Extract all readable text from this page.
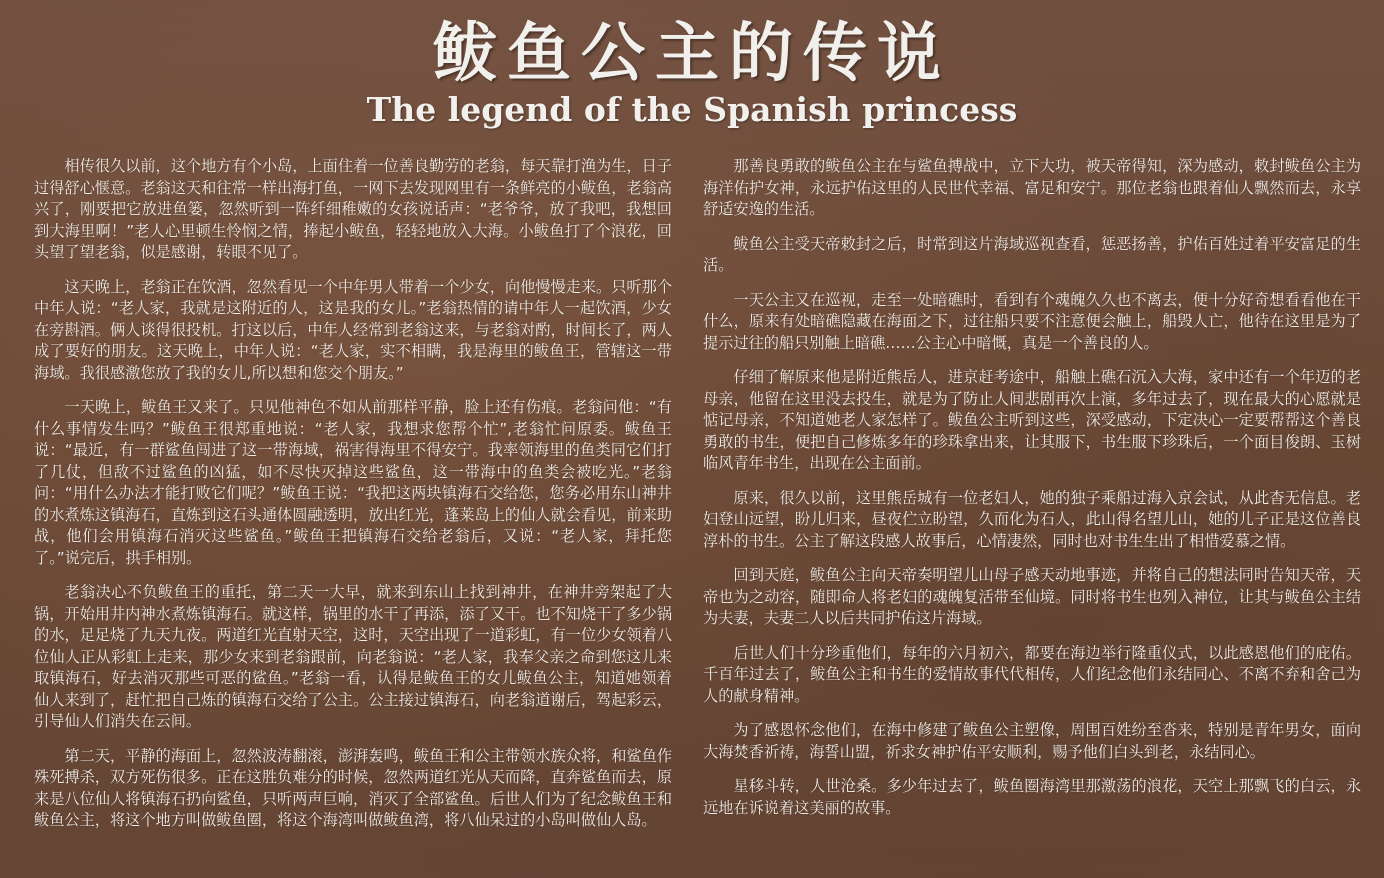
鲅鱼公主的传说
The legend of the Spanish princess

相传很久以前，这个地方有个小岛，上面住着一位善良勤劳的老翁，每天靠打渔为生，日子过得舒心惬意。老翁这天和往常一样出海打鱼，一网下去发现网里有一条鲜亮的小鲅鱼，老翁高兴了，刚要把它放进鱼篓，忽然听到一阵纤细稚嫩的女孩说话声：“老爷爷，放了我吧，我想回到大海里啊！”老人心里顿生怜悯之情，捧起小鲅鱼，轻轻地放入大海。小鲅鱼打了个浪花，回头望了望老翁，似是感谢，转眼不见了。

这天晚上，老翁正在饮酒，忽然看见一个中年男人带着一个少女，向他慢慢走来。只听那个中年人说：“老人家，我就是这附近的人，这是我的女儿。”老翁热情的请中年人一起饮酒，少女在旁斟酒。俩人谈得很投机。打这以后，中年人经常到老翁这来，与老翁对酌，时间长了，两人成了要好的朋友。这天晚上，中年人说：“老人家，实不相瞒，我是海里的鲅鱼王，管辖这一带海域。我很感激您放了我的女儿,所以想和您交个朋友。”

一天晚上，鲅鱼王又来了。只见他神色不如从前那样平静，脸上还有伤痕。老翁问他：“有什么事情发生吗？”鲅鱼王很郑重地说：“老人家，我想求您帮个忙”,老翁忙问原委。鲅鱼王说：“最近，有一群鲨鱼闯进了这一带海域，祸害得海里不得安宁。我率领海里的鱼类同它们打了几仗，但敌不过鲨鱼的凶猛，如不尽快灭掉这些鲨鱼，这一带海中的鱼类会被吃光。”老翁问：“用什么办法才能打败它们呢？”鲅鱼王说：“我把这两块镇海石交给您，您务必用东山神井的水煮炼这镇海石，直炼到这石头通体圆融透明，放出红光，蓬莱岛上的仙人就会看见，前来助战，他们会用镇海石消灭这些鲨鱼。”鲅鱼王把镇海石交给老翁后，又说：“老人家，拜托您了。”说完后，拱手相别。

老翁决心不负鲅鱼王的重托，第二天一大早，就来到东山上找到神井，在神井旁架起了大锅，开始用井内神水煮炼镇海石。就这样，锅里的水干了再添，添了又干。也不知烧干了多少锅的水，足足烧了九天九夜。两道红光直射天空，这时，天空出现了一道彩虹，有一位少女领着八位仙人正从彩虹上走来，那少女来到老翁跟前，向老翁说：“老人家，我奉父亲之命到您这儿来取镇海石，好去消灭那些可恶的鲨鱼。”老翁一看，认得是鲅鱼王的女儿鲅鱼公主，知道她领着仙人来到了，赶忙把自己炼的镇海石交给了公主。公主接过镇海石，向老翁道谢后，驾起彩云，引导仙人们消失在云间。

第二天，平静的海面上，忽然波涛翻滚，澎湃轰鸣，鲅鱼王和公主带领水族众将，和鲨鱼作殊死搏杀，双方死伤很多。正在这胜负难分的时候，忽然两道红光从天而降，直奔鲨鱼而去，原来是八位仙人将镇海石扔向鲨鱼，只听两声巨响，消灭了全部鲨鱼。后世人们为了纪念鲅鱼王和鲅鱼公主，将这个地方叫做鲅鱼圈，将这个海湾叫做鲅鱼湾，将八仙呆过的小岛叫做仙人岛。

那善良勇敢的鲅鱼公主在与鲨鱼搏战中，立下大功，被天帝得知，深为感动，敕封鲅鱼公主为海洋佑护女神，永远护佑这里的人民世代幸福、富足和安宁。那位老翁也跟着仙人飘然而去，永享舒适安逸的生活。

鲅鱼公主受天帝敕封之后，时常到这片海域巡视查看，惩恶扬善，护佑百姓过着平安富足的生活。

一天公主又在巡视，走至一处暗礁时，看到有个魂魄久久也不离去，便十分好奇想看看他在干什么，原来有处暗礁隐藏在海面之下，过往船只要不注意便会触上，船毁人亡，他待在这里是为了提示过往的船只别触上暗礁……公主心中暗慨，真是一个善良的人。

仔细了解原来他是附近熊岳人，进京赶考途中，船触上礁石沉入大海，家中还有一个年迈的老母亲，他留在这里没去投生，就是为了防止人间悲剧再次上演，多年过去了，现在最大的心愿就是惦记母亲，不知道她老人家怎样了。鲅鱼公主听到这些，深受感动，下定决心一定要帮帮这个善良勇敢的书生，便把自己修炼多年的珍珠拿出来，让其服下，书生服下珍珠后，一个面目俊朗、玉树临风青年书生，出现在公主面前。

原来，很久以前，这里熊岳城有一位老妇人，她的独子乘船过海入京会试，从此杳无信息。老妇登山远望，盼儿归来，昼夜伫立盼望，久而化为石人，此山得名望儿山，她的儿子正是这位善良淳朴的书生。公主了解这段感人故事后，心情凄然，同时也对书生生出了相惜爱慕之情。

回到天庭，鲅鱼公主向天帝奏明望儿山母子感天动地事迹，并将自己的想法同时告知天帝，天帝也为之动容，随即命人将老妇的魂魄复活带至仙境。同时将书生也列入神位，让其与鲅鱼公主结为夫妻，夫妻二人以后共同护佑这片海域。

后世人们十分珍重他们，每年的六月初六，都要在海边举行隆重仪式，以此感恩他们的庇佑。千百年过去了，鲅鱼公主和书生的爱情故事代代相传，人们纪念他们永结同心、不离不弃和舍己为人的献身精神。

为了感恩怀念他们，在海中修建了鲅鱼公主塑像，周围百姓纷至沓来，特别是青年男女，面向大海焚香祈祷，海誓山盟，祈求女神护佑平安顺利，赐予他们白头到老，永结同心。

星移斗转，人世沧桑。多少年过去了，鲅鱼圈海湾里那激荡的浪花，天空上那飘飞的白云，永远地在诉说着这美丽的故事。
